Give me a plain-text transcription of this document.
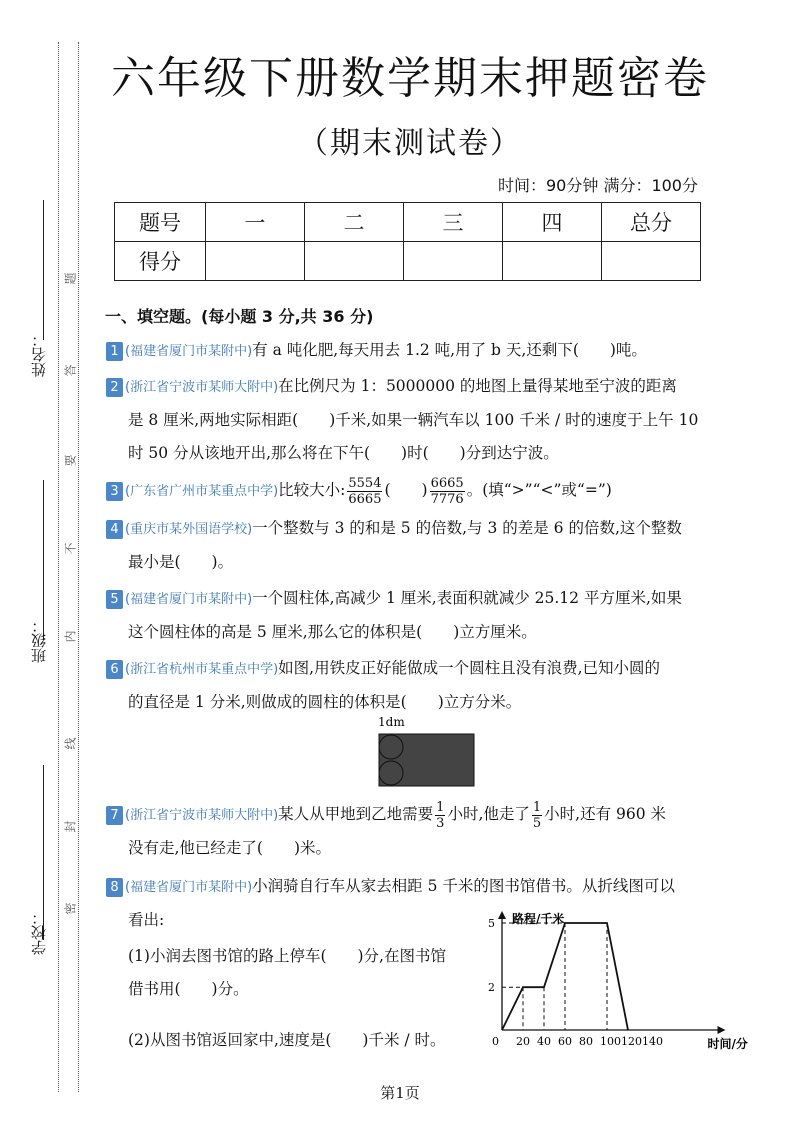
姓名：
班级：
学校：
题
答
要
不
内
线
封
密
六年级下册数学期末押题密卷
（期末测试卷）
时间：90分钟 满分：100分
题号	一	二	三	四	总分
得分					
一、填空题。(每小题 3 分,共 36 分)
1 (福建省厦门市某附中)有 a 吨化肥,每天用去 1.2 吨,用了 b 天,还剩下(　　)吨。
2 (浙江省宁波市某师大附中)在比例尺为 1：5000000 的地图上量得某地至宁波的距离
是 8 厘米,两地实际相距(　　)千米,如果一辆汽车以 100 千米 / 时的速度于上午 10
时 50 分从该地开出,那么将在下午(　　)时(　　)分到达宁波。
3 (广东省广州市某重点中学)比较大小: $\frac{5554}{6665}$ (　　) $\frac{6665}{7776}$ 。(填“>”“<”或“=”)
4 (重庆市某外国语学校)一个整数与 3 的和是 5 的倍数,与 3 的差是 6 的倍数,这个整数
最小是(　　)。
5 (福建省厦门市某附中)一个圆柱体,高减少 1 厘米,表面积就减少 25.12 平方厘米,如果
这个圆柱体的高是 5 厘米,那么它的体积是(　　)立方厘米。
6 (浙江省杭州市某重点中学)如图,用铁皮正好能做成一个圆柱且没有浪费,已知小圆的
的直径是 1 分米,则做成的圆柱的体积是(　　)立方分米。
1dm
7 (浙江省宁波市某师大附中)某人从甲地到乙地需要 $\frac{1}{3}$ 小时,他走了 $\frac{1}{5}$ 小时,还有 960 米
没有走,他已经走了(　　)米。
8 (福建省厦门市某附中)小润骑自行车从家去相距 5 千米的图书馆借书。从折线图可以
看出:
(1)小润去图书馆的路上停车(　　)分,在图书馆
借书用(　　)分。
(2)从图书馆返回家中,速度是(　　)千米 / 时。
路程/千米
时间/分
0 20 40 60 80 100 120 140
2
5
第1页
